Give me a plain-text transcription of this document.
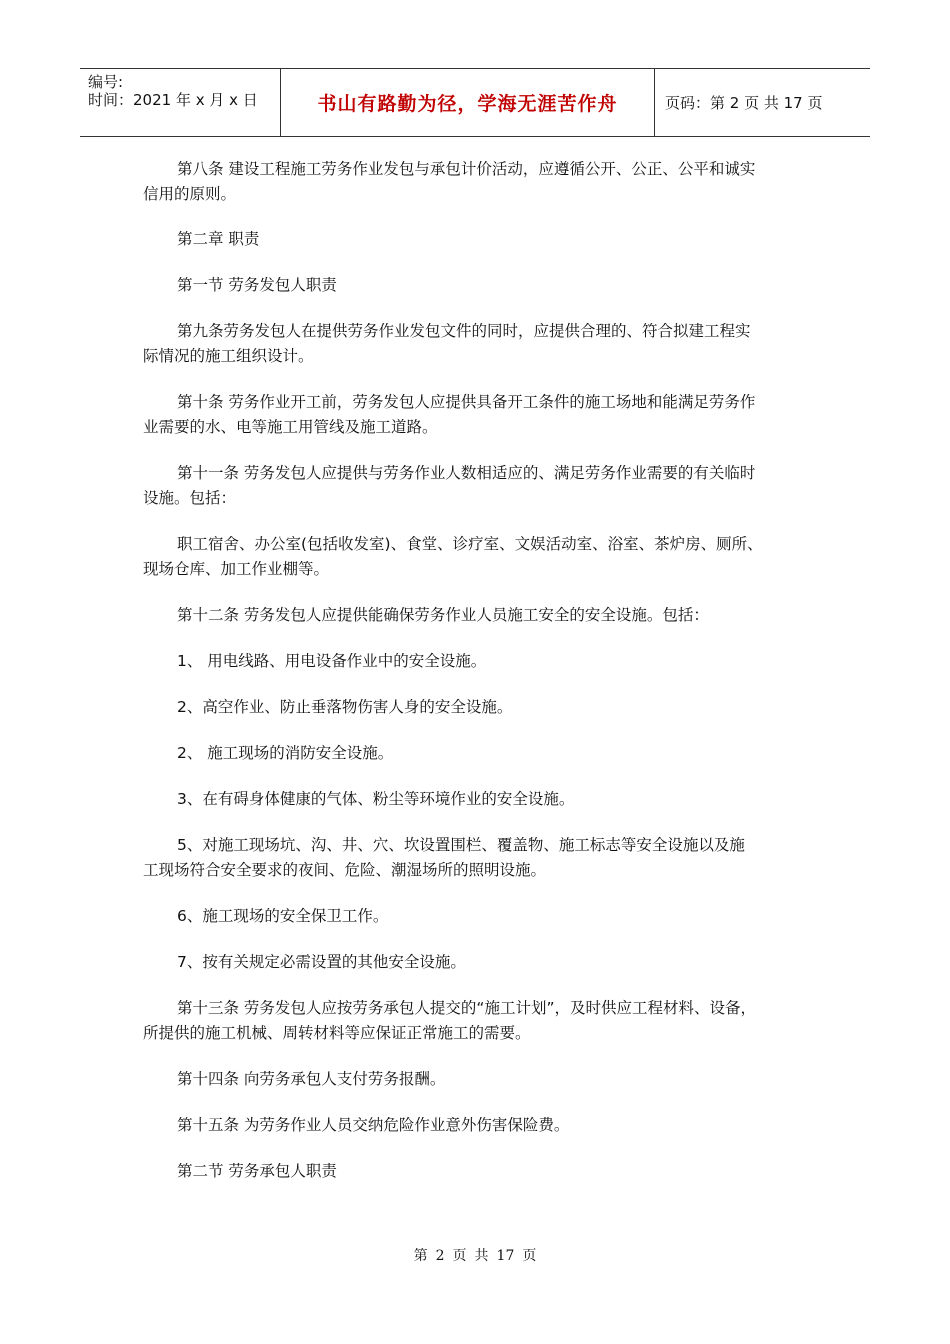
编号:
时间：2021 年 x 月 x 日	书山有路勤为径，学海无涯苦作舟	页码：第 2 页 共 17 页

第八条 建设工程施工劳务作业发包与承包计价活动，应遵循公开、公正、公平和诚实
信用的原则。

第二章 职责

第一节 劳务发包人职责

第九条劳务发包人在提供劳务作业发包文件的同时，应提供合理的、符合拟建工程实
际情况的施工组织设计。

第十条 劳务作业开工前，劳务发包人应提供具备开工条件的施工场地和能满足劳务作
业需要的水、电等施工用管线及施工道路。

第十一条 劳务发包人应提供与劳务作业人数相适应的、满足劳务作业需要的有关临时
设施。包括：

职工宿舍、办公室(包括收发室)、食堂、诊疗室、文娱活动室、浴室、茶炉房、厕所、
现场仓库、加工作业棚等。

第十二条 劳务发包人应提供能确保劳务作业人员施工安全的安全设施。包括：

1、 用电线路、用电设备作业中的安全设施。

2、高空作业、防止垂落物伤害人身的安全设施。

2、 施工现场的消防安全设施。

3、在有碍身体健康的气体、粉尘等环境作业的安全设施。

5、对施工现场坑、沟、井、穴、坎设置围栏、覆盖物、施工标志等安全设施以及施
工现场符合安全要求的夜间、危险、潮湿场所的照明设施。

6、施工现场的安全保卫工作。

7、按有关规定必需设置的其他安全设施。

第十三条 劳务发包人应按劳务承包人提交的“施工计划”，及时供应工程材料、设备，
所提供的施工机械、周转材料等应保证正常施工的需要。

第十四条 向劳务承包人支付劳务报酬。

第十五条 为劳务作业人员交纳危险作业意外伤害保险费。

第二节 劳务承包人职责

第 2 页 共 17 页
